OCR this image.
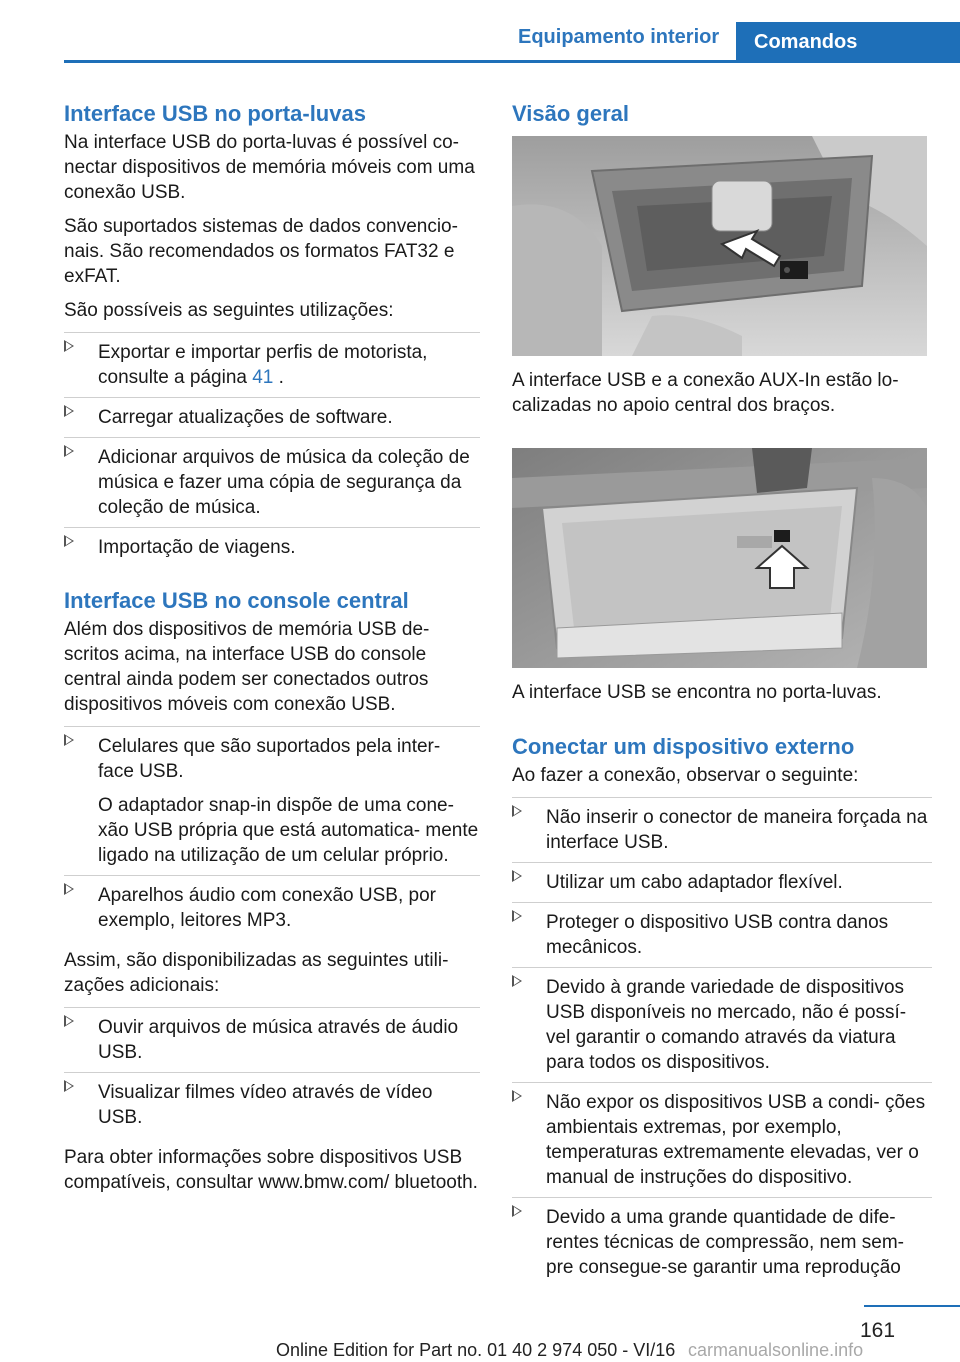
Equipamento interior	Comandos
Interface USB no porta-luvas

Na interface USB do porta-luvas é possível co‐ nectar dispositivos de memória móveis com uma conexão USB.

São suportados sistemas de dados convencio‐ nais. São recomendados os formatos FAT32 e exFAT.

São possíveis as seguintes utilizações:

Exportar e importar perfis de motorista, consulte a página 41 .

Carregar atualizações de software.

Adicionar arquivos de música da coleção de música e fazer uma cópia de segurança da coleção de música.

Importação de viagens.

Interface USB no console central

Além dos dispositivos de memória USB de‐ scritos acima, na interface USB do console central ainda podem ser conectados outros dispositivos móveis com conexão USB.

Celulares que são suportados pela inter‐ face USB.

O adaptador snap-in dispõe de uma cone‐ xão USB própria que está automatica‐ mente ligado na utilização de um celular próprio.

Aparelhos áudio com conexão USB, por exemplo, leitores MP3.

Assim, são disponibilizadas as seguintes utili‐ zações adicionais:

Ouvir arquivos de música através de áudio USB.

Visualizar filmes vídeo através de vídeo USB.

Para obter informações sobre dispositivos USB compatíveis, consultar www.bmw.com/ bluetooth.

Visão geral

A interface USB e a conexão AUX-In estão lo‐ calizadas no apoio central dos braços.

A interface USB se encontra no porta-luvas.

Conectar um dispositivo externo

Ao fazer a conexão, observar o seguinte:

Não inserir o conector de maneira forçada na interface USB.

Utilizar um cabo adaptador flexível.

Proteger o dispositivo USB contra danos mecânicos.

Devido à grande variedade de dispositivos USB disponíveis no mercado, não é possí‐ vel garantir o comando através da viatura para todos os dispositivos.

Não expor os dispositivos USB a condi‐ ções ambientais extremas, por exemplo, temperaturas extremamente elevadas, ver o manual de instruções do dispositivo.

Devido a uma grande quantidade de dife‐ rentes técnicas de compressão, nem sem‐ pre consegue-se garantir uma reprodução

161
Online Edition for Part no. 01 40 2 974 050 - VI/16 carmanualsonline.info
